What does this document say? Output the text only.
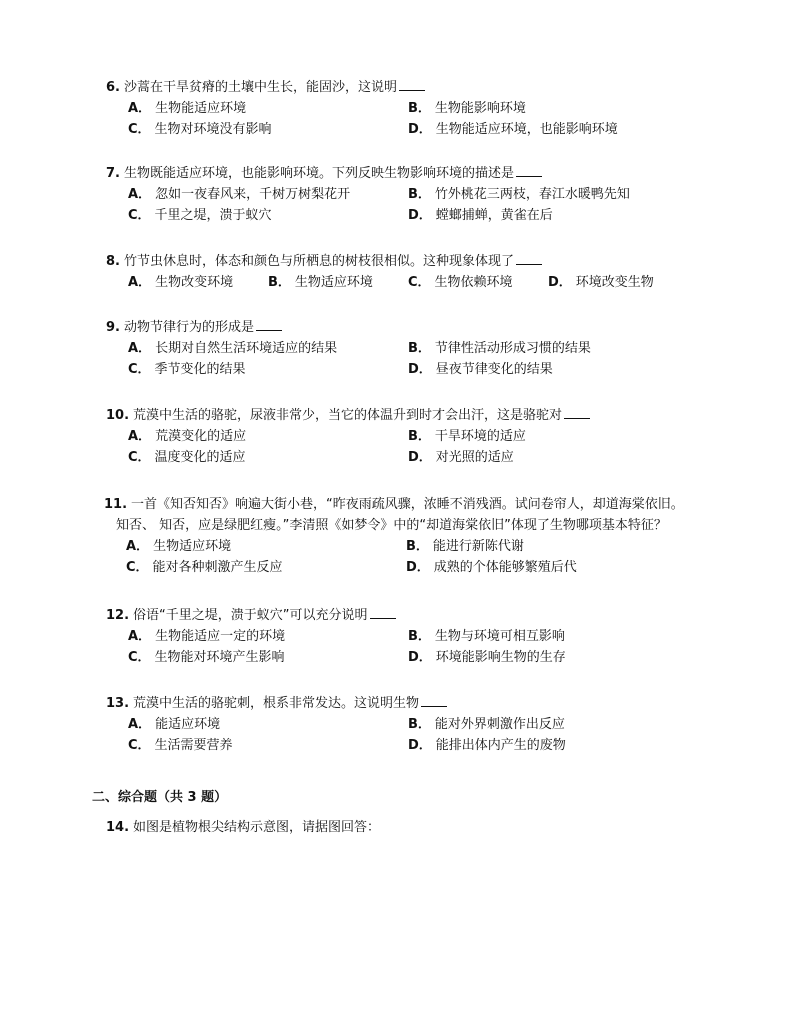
6. 沙蒿在干旱贫瘠的土壤中生长，能固沙，这说明
A． 生物能适应环境	B． 生物能影响环境
C． 生物对环境没有影响	D． 生物能适应环境，也能影响环境
7. 生物既能适应环境，也能影响环境。下列反映生物影响环境的描述是
A． 忽如一夜春风来，千树万树梨花开	B． 竹外桃花三两枝，春江水暖鸭先知
C． 千里之堤，溃于蚁穴	D． 螳螂捕蝉，黄雀在后
8. 竹节虫休息时，体态和颜色与所栖息的树枝很相似。这种现象体现了
A． 生物改变环境	B． 生物适应环境	C． 生物依赖环境	D． 环境改变生物
9. 动物节律行为的形成是
A． 长期对自然生活环境适应的结果	B． 节律性活动形成习惯的结果
C． 季节变化的结果	D． 昼夜节律变化的结果
10. 荒漠中生活的骆驼，尿液非常少，当它的体温升到时才会出汗，这是骆驼对
A． 荒漠变化的适应	B． 干旱环境的适应
C． 温度变化的适应	D． 对光照的适应
11. 一首《知否知否》响遍大街小巷，“昨夜雨疏风骤，浓睡不消残酒。试问卷帘人，却道海棠依旧。
知否、 知否，应是绿肥红瘦。”李清照《如梦令》中的“却道海棠依旧”体现了生物哪项基本特征？
A． 生物适应环境	B． 能进行新陈代谢
C． 能对各种刺激产生反应	D． 成熟的个体能够繁殖后代
12. 俗语“千里之堤，溃于蚁穴”可以充分说明
A． 生物能适应一定的环境	B． 生物与环境可相互影响
C． 生物能对环境产生影响	D． 环境能影响生物的生存
13. 荒漠中生活的骆驼刺，根系非常发达。这说明生物
A． 能适应环境	B． 能对外界刺激作出反应
C． 生活需要营养	D． 能排出体内产生的废物
二、综合题（共 3 题）
14. 如图是植物根尖结构示意图，请据图回答：
